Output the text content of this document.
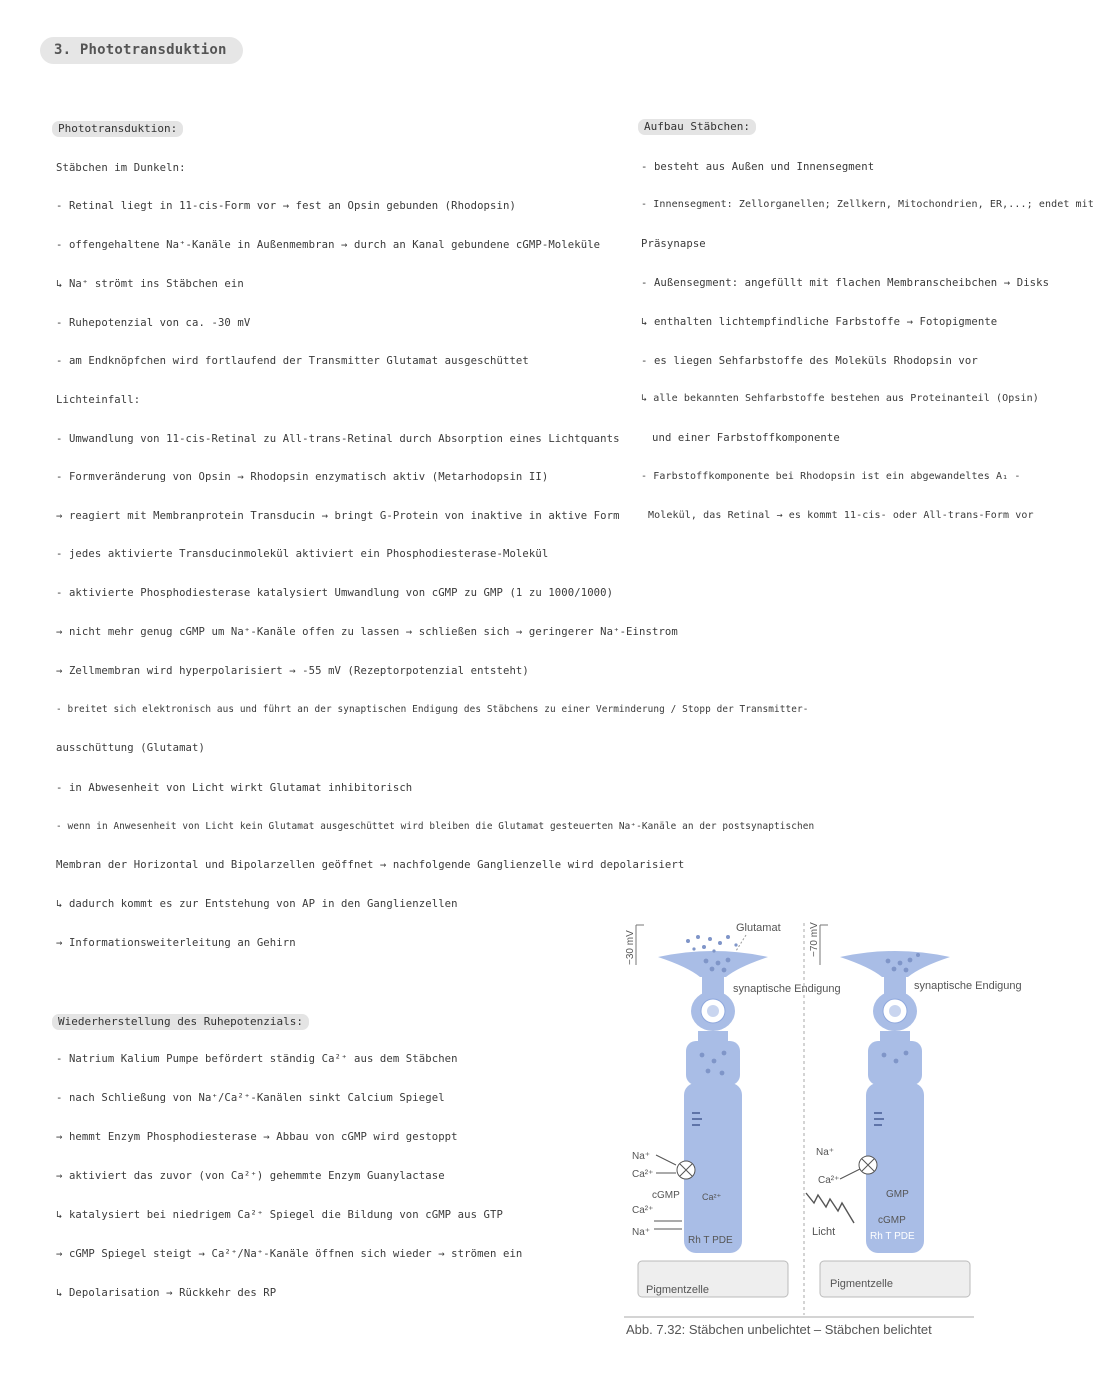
3. Phototransduktion
Phototransduktion:
Stäbchen im Dunkeln:
- Retinal liegt in 11-cis-Form vor → fest an Opsin gebunden (Rhodopsin)
- offengehaltene Na⁺-Kanäle in Außenmembran → durch an Kanal gebundene cGMP-Moleküle
↳ Na⁺ strömt ins Stäbchen ein
- Ruhepotenzial von ca. -30 mV
- am Endknöpfchen wird fortlaufend der Transmitter Glutamat ausgeschüttet
Lichteinfall:
- Umwandlung von 11-cis-Retinal zu All-trans-Retinal durch Absorption eines Lichtquants
- Formveränderung von Opsin → Rhodopsin enzymatisch aktiv (Metarhodopsin II)
→ reagiert mit Membranprotein Transducin → bringt G-Protein von inaktive in aktive Form
- jedes aktivierte Transducinmolekül aktiviert ein Phosphodiesterase-Molekül
- aktivierte Phosphodiesterase katalysiert Umwandlung von cGMP zu GMP (1 zu 1000/1000)
→ nicht mehr genug cGMP um Na⁺-Kanäle offen zu lassen → schließen sich → geringerer Na⁺-Einstrom
→ Zellmembran wird hyperpolarisiert → -55 mV (Rezeptorpotenzial entsteht)
- breitet sich elektronisch aus und führt an der synaptischen Endigung des Stäbchens zu einer Verminderung / Stopp der Transmitter-
ausschüttung (Glutamat)
- in Abwesenheit von Licht wirkt Glutamat inhibitorisch
- wenn in Anwesenheit von Licht kein Glutamat ausgeschüttet wird bleiben die Glutamat gesteuerten Na⁺-Kanäle an der postsynaptischen
Membran der Horizontal und Bipolarzellen geöffnet → nachfolgende Ganglienzelle wird depolarisiert
↳ dadurch kommt es zur Entstehung von AP in den Ganglienzellen
→ Informationsweiterleitung an Gehirn
Wiederherstellung des Ruhepotenzials:
- Natrium Kalium Pumpe befördert ständig Ca²⁺ aus dem Stäbchen
- nach Schließung von Na⁺/Ca²⁺-Kanälen sinkt Calcium Spiegel
→ hemmt Enzym Phosphodiesterase → Abbau von cGMP wird gestoppt
→ aktiviert das zuvor (von Ca²⁺) gehemmte Enzym Guanylactase
↳ katalysiert bei niedrigem Ca²⁺ Spiegel die Bildung von cGMP aus GTP
→ cGMP Spiegel steigt → Ca²⁺/Na⁺-Kanäle öffnen sich wieder → strömen ein
↳ Depolarisation → Rückkehr des RP
Aufbau Stäbchen:
- besteht aus Außen und Innensegment
- Innensegment: Zellorganellen; Zellkern, Mitochondrien, ER,...; endet mit
Präsynapse
- Außensegment: angefüllt mit flachen Membranscheibchen → Disks
↳ enthalten lichtempfindliche Farbstoffe → Fotopigmente
- es liegen Sehfarbstoffe des Moleküls Rhodopsin vor
↳ alle bekannten Sehfarbstoffe bestehen aus Proteinanteil (Opsin)
und einer Farbstoffkomponente
- Farbstoffkomponente bei Rhodopsin ist ein abgewandeltes A₁ -
Molekül, das Retinal → es kommt 11-cis- oder All-trans-Form vor
−30 mV
Glutamat
synaptische Endigung
Na⁺
Ca²⁺
cGMP Ca²⁺
Ca²⁺
Na⁺
Rh T PDE
Pigmentzelle
−70 mV
synaptische Endigung
Na⁺
Ca²⁺
GMP
cGMP
Rh T PDE
Licht
Pigmentzelle
Abb. 7.32: Stäbchen unbelichtet – Stäbchen belichtet
